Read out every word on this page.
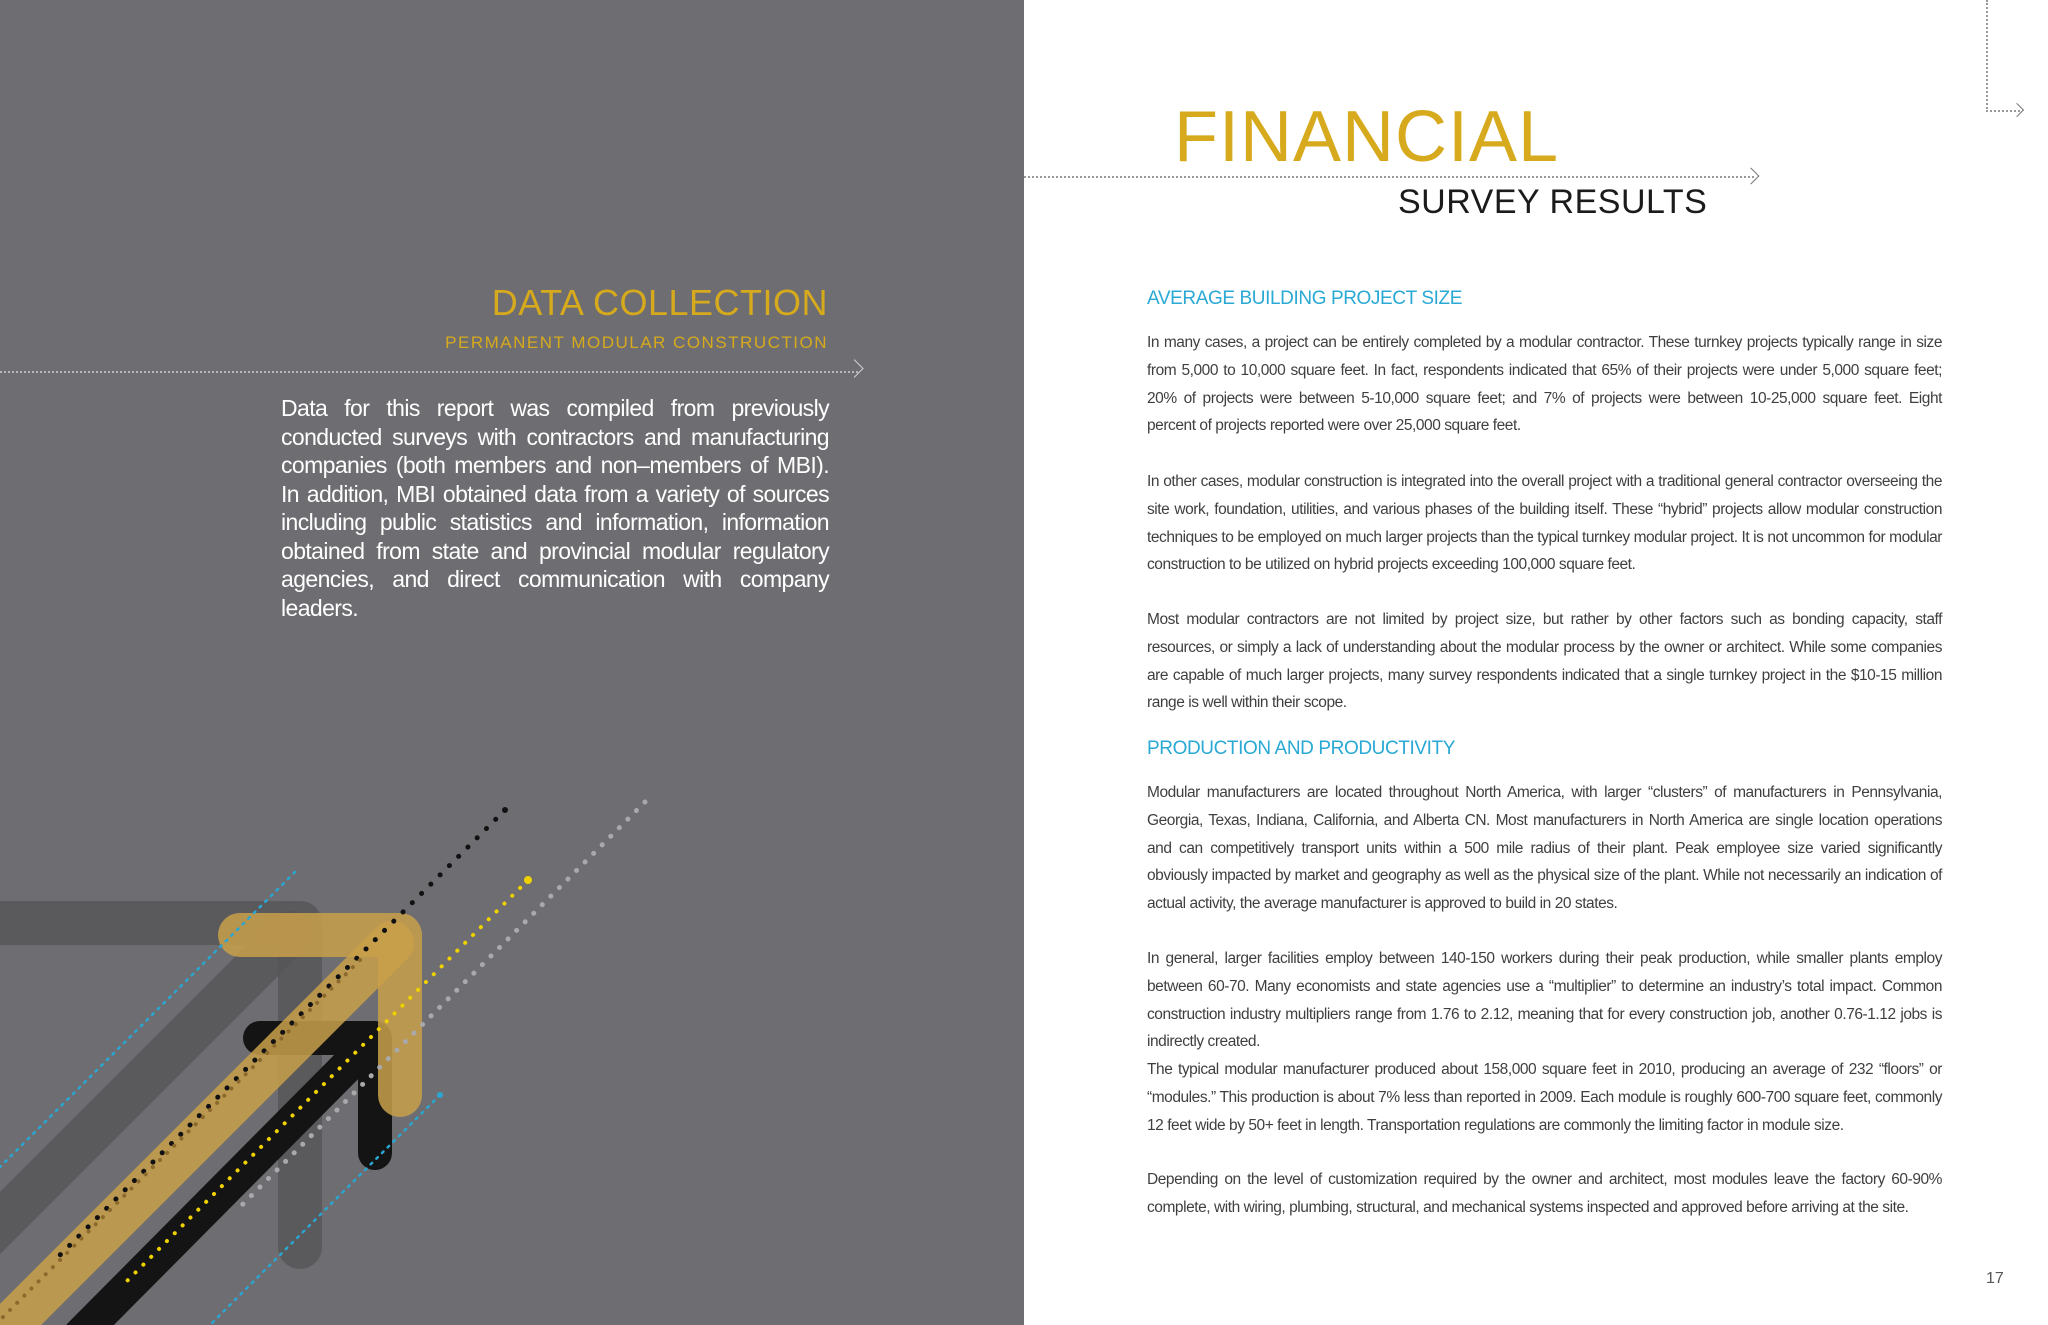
DATA COLLECTION
PERMANENT MODULAR CONSTRUCTION
Data for this report was compiled from previously conducted surveys with contractors and manufacturing companies (both members and non–members of MBI). In addition, MBI obtained data from a variety of sources including public statistics and information, information obtained from state and provincial modular regulatory agencies, and direct communication with company leaders.
FINANCIAL
SURVEY RESULTS
AVERAGE BUILDING PROJECT SIZE
In many cases, a project can be entirely completed by a modular contractor. These turnkey projects typically range in size from 5,000 to 10,000 square feet. In fact, respondents indicated that 65% of their projects were under 5,000 square feet; 20% of projects were between 5-10,000 square feet; and 7% of projects were between 10-25,000 square feet. Eight percent of projects reported were over 25,000 square feet.
In other cases, modular construction is integrated into the overall project with a traditional general contractor overseeing the site work, foundation, utilities, and various phases of the building itself. These “hybrid” projects allow modular construction techniques to be employed on much larger projects than the typical turnkey modular project. It is not uncommon for modular construction to be utilized on hybrid projects exceeding 100,000 square feet.
Most modular contractors are not limited by project size, but rather by other factors such as bonding capacity, staff resources, or simply a lack of understanding about the modular process by the owner or architect. While some companies are capable of much larger projects, many survey respondents indicated that a single turnkey project in the $10-15 million range is well within their scope.
PRODUCTION AND PRODUCTIVITY
Modular manufacturers are located throughout North America, with larger “clusters” of manufacturers in Pennsylvania, Georgia, Texas, Indiana, California, and Alberta CN. Most manufacturers in North America are single location operations and can competitively transport units within a 500 mile radius of their plant. Peak employee size varied significantly obviously impacted by market and geography as well as the physical size of the plant. While not necessarily an indication of actual activity, the average manufacturer is approved to build in 20 states.
In general, larger facilities employ between 140-150 workers during their peak production, while smaller plants employ between 60-70. Many economists and state agencies use a “multiplier” to determine an industry’s total impact. Common construction industry multipliers range from 1.76 to 2.12, meaning that for every construction job, another 0.76-1.12 jobs is indirectly created.
The typical modular manufacturer produced about 158,000 square feet in 2010, producing an average of 232 “floors” or “modules.” This production is about 7% less than reported in 2009. Each module is roughly 600-700 square feet, commonly 12 feet wide by 50+ feet in length. Transportation regulations are commonly the limiting factor in module size.
Depending on the level of customization required by the owner and architect, most modules leave the factory 60-90% complete, with wiring, plumbing, structural, and mechanical systems inspected and approved before arriving at the site.
17
